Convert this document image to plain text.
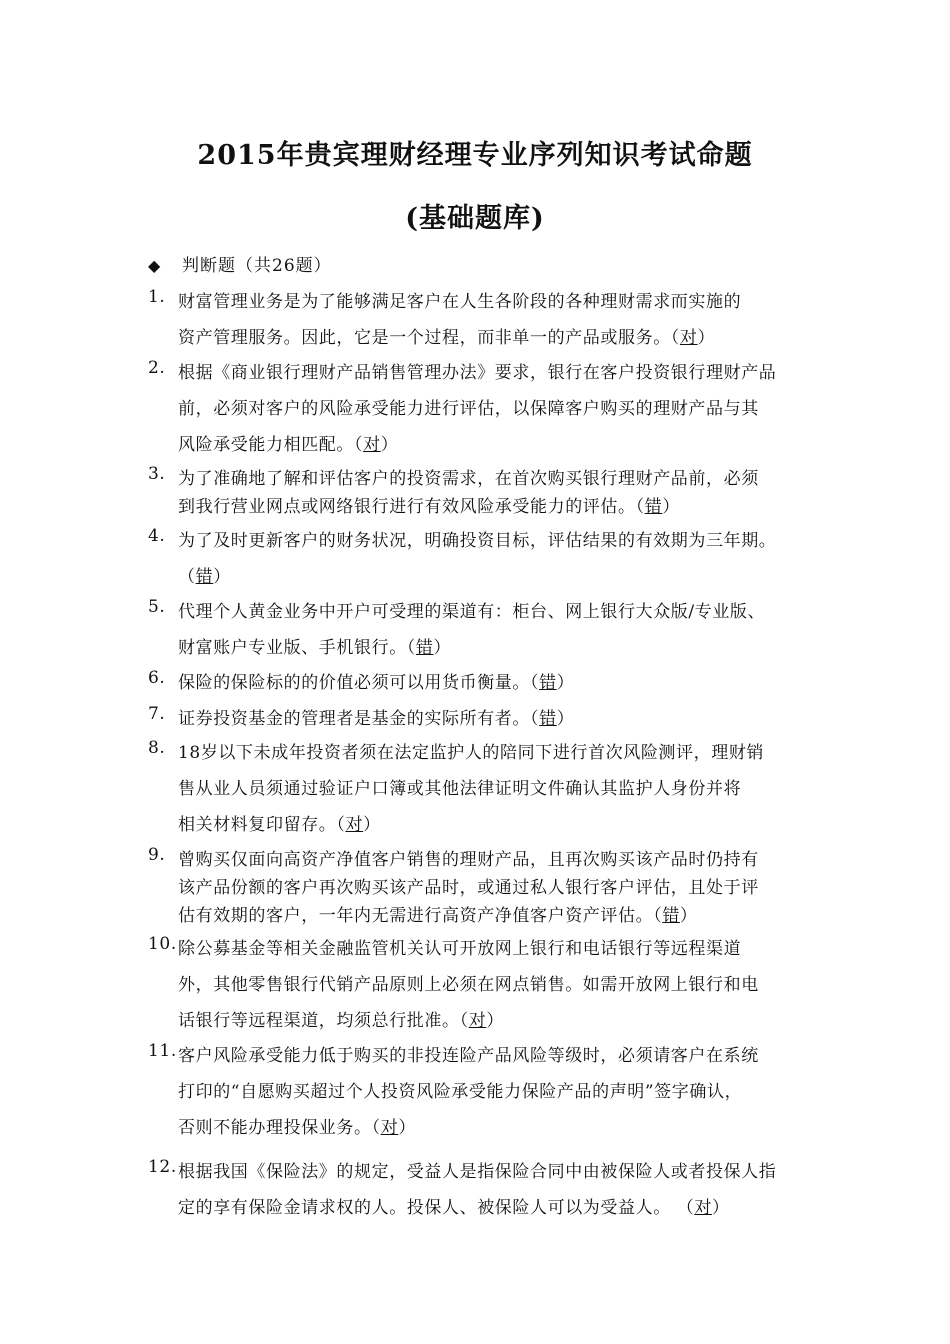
2015年贵宾理财经理专业序列知识考试命题
(基础题库)
◆ 判断题（共26题）
1. 财富管理业务是为了能够满足客户在人生各阶段的各种理财需求而实施的
资产管理服务。因此，它是一个过程，而非单一的产品或服务。（对）
2. 根据《商业银行理财产品销售管理办法》要求，银行在客户投资银行理财产品
前，必须对客户的风险承受能力进行评估，以保障客户购买的理财产品与其
风险承受能力相匹配。（对）
3. 为了准确地了解和评估客户的投资需求，在首次购买银行理财产品前，必须
到我行营业网点或网络银行进行有效风险承受能力的评估。（错）
4. 为了及时更新客户的财务状况，明确投资目标，评估结果的有效期为三年期。
（错）
5. 代理个人黄金业务中开户可受理的渠道有：柜台、网上银行大众版/专业版、
财富账户专业版、手机银行。（错）
6. 保险的保险标的的价值必须可以用货币衡量。（错）
7. 证券投资基金的管理者是基金的实际所有者。（错）
8. 18岁以下未成年投资者须在法定监护人的陪同下进行首次风险测评，理财销
售从业人员须通过验证户口簿或其他法律证明文件确认其监护人身份并将
相关材料复印留存。（对）
9. 曾购买仅面向高资产净值客户销售的理财产品，且再次购买该产品时仍持有
该产品份额的客户再次购买该产品时，或通过私人银行客户评估，且处于评
估有效期的客户，一年内无需进行高资产净值客户资产评估。（错）
10. 除公募基金等相关金融监管机关认可开放网上银行和电话银行等远程渠道
外，其他零售银行代销产品原则上必须在网点销售。如需开放网上银行和电
话银行等远程渠道，均须总行批准。（对）
11. 客户风险承受能力低于购买的非投连险产品风险等级时，必须请客户在系统
打印的“自愿购买超过个人投资风险承受能力保险产品的声明”签字确认，
否则不能办理投保业务。（对）
12. 根据我国《保险法》的规定，受益人是指保险合同中由被保险人或者投保人指
定的享有保险金请求权的人。投保人、被保险人可以为受益人。 （对）
